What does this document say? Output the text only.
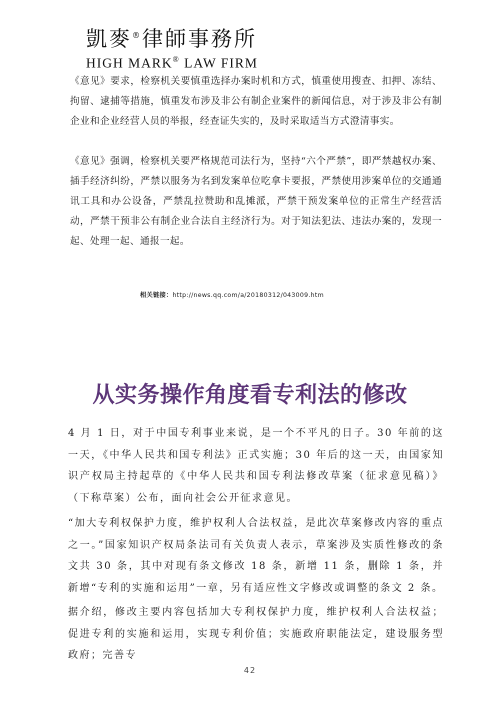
凱麥®律師事務所
HIGH MARK® LAW FIRM

《意见》要求，检察机关要慎重选择办案时机和方式，慎重使用搜查、扣押、冻结、拘留、逮捕等措施，慎重发布涉及非公有制企业案件的新闻信息，对于涉及非公有制企业和企业经营人员的举报，经查证失实的，及时采取适当方式澄清事实。

《意见》强调，检察机关要严格规范司法行为，坚持“六个严禁”，即严禁越权办案、插手经济纠纷，严禁以服务为名到发案单位吃拿卡要报，严禁使用涉案单位的交通通讯工具和办公设备，严禁乱拉赞助和乱摊派，严禁干预发案单位的正常生产经营活动，严禁干预非公有制企业合法自主经济行为。对于知法犯法、违法办案的，发现一起、处理一起、通报一起。

相关链接：http://news.qq.com/a/20180312/043009.htm
从实务操作角度看专利法的修改

4 月 1 日，对于中国专利事业来说，是一个不平凡的日子。30 年前的这一天，《中华人民共和国专利法》正式实施；30 年后的这一天，由国家知识产权局主持起草的《中华人民共和国专利法修改草案（征求意见稿）》（下称草案）公布，面向社会公开征求意见。

“加大专利权保护力度，维护权利人合法权益，是此次草案修改内容的重点之一。”国家知识产权局条法司有关负责人表示，草案涉及实质性修改的条文共 30 条，其中对现有条文修改 18 条，新增 11 条，删除 1 条，并新增“专利的实施和运用”一章，另有适应性文字修改或调整的条文 2 条。

据介绍，修改主要内容包括加大专利权保护力度，维护权利人合法权益；促进专利的实施和运用，实现专利价值；实施政府职能法定，建设服务型政府；完善专

42
